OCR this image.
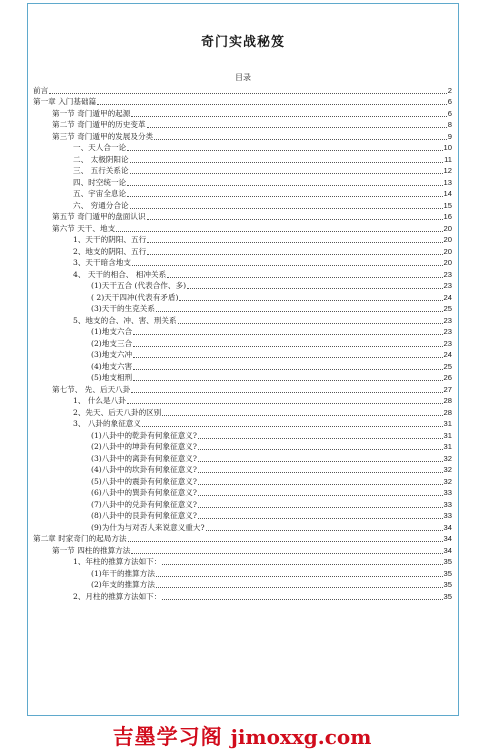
奇门实战秘笈
目录
前言	2
第一章 入门基础篇	6
第一节 奇门遁甲的起源	6
第二节 奇门遁甲的历史变革	8
第三节 奇门遁甲的发展及分类	9
一、天人合一论	10
二、 太极阴阳论	11
三、 五行关系论	12
四、时空统一论	13
五、宇宙全息论	14
六、 穷通分合论	15
第五节 奇门遁甲的盘面认识	16
第六节 天干、地支	20
1、天干的阴阳、五行	20
2、地支的阴阳、五行	20
3、天干暗含地支	20
4、 天干的相合、 相冲关系	23
(1)天干五合 (代表合作、多)	23
( 2)天干四冲(代表有矛盾)	24
(3)天干的生克关系	25
5、地支的合、冲、害、刑关系	23
(1)地支六合	23
(2)地支三合	23
(3)地支六冲	24
(4)地支六害	25
(5)地支相刑	26
第七节、 先、后天八卦	27
1、 什么是八卦	28
2、先天、后天八卦的区别	28
3、 八卦的象征意义	31
(1)八卦中的乾卦有何象征意义?	31
(2)八卦中的坤卦有何象征意义?	31
(3)八卦中的离卦有何象征意义?	32
(4)八卦中的坎卦有何象征意义?	32
(5)八卦中的震卦有何象征意义?	32
(6)八卦中的巽卦有何象征意义?	33
(7)八卦中的兑卦有何象征意义?	33
(8)八卦中的艮卦有何象征意义?	33
(9)为什为与对否人来说意义重大?	34
第二章 时家奇门的起局方法	34
第一节 四柱的推算方法	34
1、年柱的推算方法如下：	35
(1)年干的推算方法	35
(2)年支的推算方法	35
2、月柱的推算方法如下：	35
吉墨学习阁 jimoxxg.com
